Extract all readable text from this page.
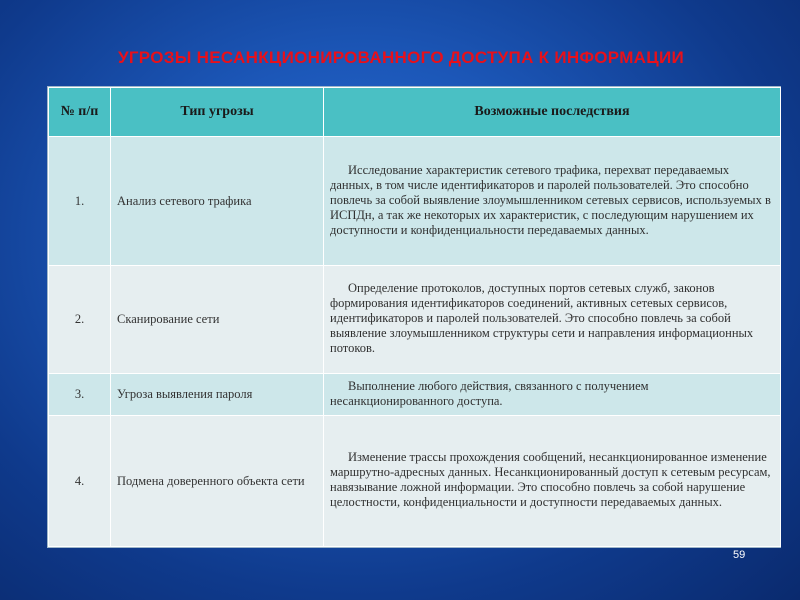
УГРОЗЫ НЕСАНКЦИОНИРОВАННОГО ДОСТУПА К ИНФОРМАЦИИ
№ п/п	Тип угрозы	Возможные последствия
1.	Анализ сетевого трафика	Исследование характеристик сетевого трафика, перехват передаваемых данных, в том числе идентификаторов и паролей пользователей. Это способно повлечь за собой выявление злоумышленником сетевых сервисов, используемых в ИСПДн, а так же некоторых их характеристик, с последующим нарушением их доступности и конфиденциальности передаваемых данных.

2.	Сканирование сети	Определение протоколов, доступных портов сетевых служб, законов формирования идентификаторов соединений, активных сетевых сервисов, идентификаторов и паролей пользователей. Это способно повлечь за собой выявление злоумышленником структуры сети и направления информационных потоков.

3.	Угроза выявления пароля	Выполнение любого действия, связанного с получением несанкционированного доступа.

4.	Подмена доверенного объекта сети	Изменение трассы прохождения сообщений, несанкционированное изменение маршрутно-адресных данных. Несанкционированный доступ к сетевым ресурсам, навязывание ложной информации. Это способно повлечь за собой нарушение целостности, конфиденциальности и доступности передаваемых данных.

59
